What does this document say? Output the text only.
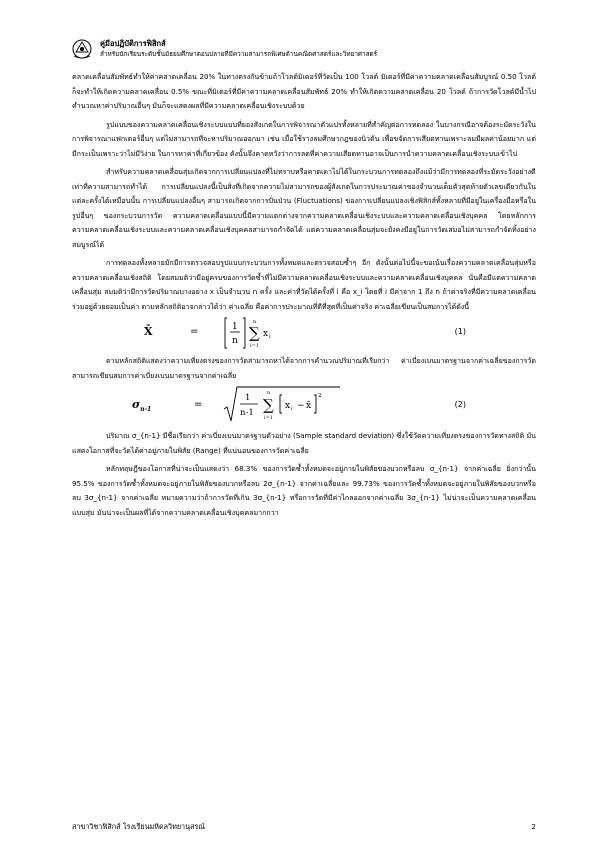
คู่มือปฏิบัติการฟิสิกส์
สำหรับนักเรียนระดับชั้นมัธยมศึกษาตอนปลายที่มีความสามารถพิเศษด้านคณิตศาสตร์และวิทยาศาสตร์

คลาดเคลื่อนสัมพัทธ์ทำให้ค่าคลาดเคลื่อน 20% ในทางตรงกันข้ามถ้าโวลต์มิเตอร์ที่วัดเป็น 100 โวลต์ มิเตอร์ที่มีค่าความคลาดเคลื่อนสัมบูรณ์ 0.50 โวลต์ ก็จะทำให้เกิดความคลาดเคลื่อน 0.5% ขณะที่มิเตอร์ที่มีค่าความคลาดเคลื่อนสัมพัทธ์ 20% ทำให้เกิดความคลาดเคลื่อน 20 โวลต์ ถ้าการวัดโวลต์มีน้ำไปคำนวณหาค่าปริมาณอื่นๆ มันก็จะแสดงผลที่มีความคลาดเคลื่อนเชิงระบบด้วย

รูปแบบของความคลาดเคลื่อนเชิงระบบแบบที่ยองสังเกตในการพิจารณาตัวแปรทั้งหลายที่สำคัญต่อการทดลอง ในบางกรณีอาจต้องระมัดระวังในการพิจารณาแฟกเตอร์อื่นๆ แต่ไม่สามารถที่จะหาปริมาณออกมา เช่น เมื่อใช้รางลมศึกษากฎของนิวตัน เพื่อขจัดการเสียดทานเพราะลมมีผลค่าน้อยมาก แต่มีกระเป็นเพราะว่าไม่มีวิง่าย ในการหาค่าที่เกี่ยวข้อง ดังนั้นจึงคาดหวังว่าการลดที่ค่าความเสียดทานอาจเป็นการนำความคลาดเคลื่อนเชิงระบบเข้าไป

สำหรับความคลาดเคลื่อนสุ่มเกิดจากการเปลี่ยนแปลงที่ไม่ทราบหรือคาดเดาไม่ได้ในกระบวนการทดลองถึงแม้ว่ามีการทดลองที่ระมัดระวังอย่างดีเท่าที่ความสามารถทำได้ การเปลี่ยนแปลงนี้เป็นสิ่งที่เกิดจากความไม่สามารถของผู้สังเกตในการประมาณค่าของจำนวนเต็มตัวสุดท้ายตัวเลขเดียวกันในแต่ละครั้งได้เหมือนนั้น การเปลี่ยนแปลงอื่นๆ สามารถเกิดจากการปั่นป่วน (Fluctuations) ของการเปลี่ยนแปลงเชิงฟิสิกส์ทั้งหลายที่มีอยู่ในเครื่องมือหรือในรูปอื่นๆ ของกระบวนการวัด ความคลาดเคลื่อนแบบนี้มีความแตกต่างจากความคลาดเคลื่อนเชิงระบบและความคลาดเคลื่อนเชิงบุคคล โดยหลักการความคลาดเคลื่อนเชิงระบบและความคลาดเคลื่อนเชิงบุคคลสามารถกำจัดได้ แต่ความคลาดเคลื่อนสุ่มจะยังคงมีอยู่ในการวัดเสมอไม่สามารถกำจัดทิ้งอย่างสมบูรณ์ได้

การทดลองทั้งหลายมักมีการตรวจสอบรูปแบบกระบวนการทั้งหมดและตรวจสอบซ้ำๆ อีก ดังนั้นต่อไปนี้จะขอเน้นเรื่องความคลาดเคลื่อนสุ่มหรือความคลาดเคลื่อนเชิงสถิติ โดยสมมติว่ามีอยู่ครบของการวัดซ้ำที่ไม่มีความคลาดเคลื่อนเชิงระบบและความคลาดเคลื่อนเชิงบุคคล นั่นคือมีแต่ความคลาดเคลื่อนสุ่ม สมมติว่ามีการวัดปริมาณบางอย่าง x เป็นจำนวน n ครั้ง และค่าที่วัดได้ครั้งที่ i คือ x_i โดยที่ i มีค่าจาก 1 ถึง n ถ้าค่าจริงที่มีความคลาดเคลื่อนร่วมอยู่ด้วยยอมเป็นค่า ตามหลักสถิติอาจกล่าวได้ว่า ค่าเฉลี่ย คือค่าการประมาณที่ดีที่สุดที่เป็นค่าจริง ค่าเฉลี่ยเขียนเป็นสมการได้ดังนี้

X̄	=	1
n
n
∑
i=1
x i
(1)

ตามหลักสถิติแสดงว่าความเที่ยงตรงของการวัดสามารถหาได้จากการคำนวณปริมาณที่เรียกว่า ค่าเบี่ยงเบนมาตรฐานจากค่าเฉลี่ยของการวัด สามารถเขียนสมการค่าเบี่ยงเบนมาตรฐานจากค่าเฉลี่ย

$\sigma_{n-1}$	=
1
n-1
n
∑
i=1
x i − x̄
2
(2)

ปริมาณ σ_{n-1} มีชื่อเรียกว่า ค่าเบี่ยงเบนมาตรฐานตัวอย่าง (Sample standard deviation) ซึ่งใช้วัดความเที่ยงตรงของการวัดทางสถิติ มันแสดงโอกาสที่จะวัดได้ค่าอยู่ภายในพิสัย (Range) ที่แน่นอนของการวัดค่าเฉลี่ย

หลักทฤษฎีของโอกาสที่น่าจะเป็นแสดงว่า 68.3% ของการวัดซ้ำทั้งหมดจะอยู่ภายในพิสัยของบวกหรือลบ σ_{n-1} จากค่าเฉลี่ย ยิ่งกว่านั้น 95.5% ของการวัดซ้ำทั้งหมดจะอยู่ภายในพิสัยของบวกหรือลบ 2σ_{n-1} จากค่าเฉลี่ยและ 99.73% ของการวัดซ้ำทั้งหมดจะอยู่ภายในพิสัยของบวกหรือลบ 3σ_{n-1} จากค่าเฉลี่ย หมายความว่าถ้าการวัดที่เกิน 3σ_{n-1} หรือการวัดที่มีค่าไกลออกจากค่าเฉลี่ย 3σ_{n-1} ไม่น่าจะเป็นความคลาดเคลื่อนแบบสุ่ม มันน่าจะเป็นผลที่ได้จากความคลาดเคลื่อนเชิงบุคคลมากกว่า

สาขาวิชาฟิสิกส์ โรงเรียนมหิดลวิทยานุสรณ์	2
